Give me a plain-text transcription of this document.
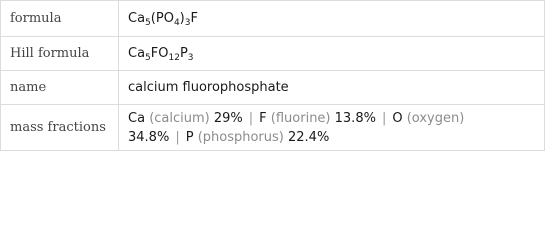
formula	$Ca_5(PO_4)_3F$
Hill formula	$Ca_5FO_{12}P_3$
name	calcium fluorophosphate
mass fractions	Ca (calcium) 29% | F (fluorine) 13.8% | O (oxygen)
34.8% | P (phosphorus) 22.4%
